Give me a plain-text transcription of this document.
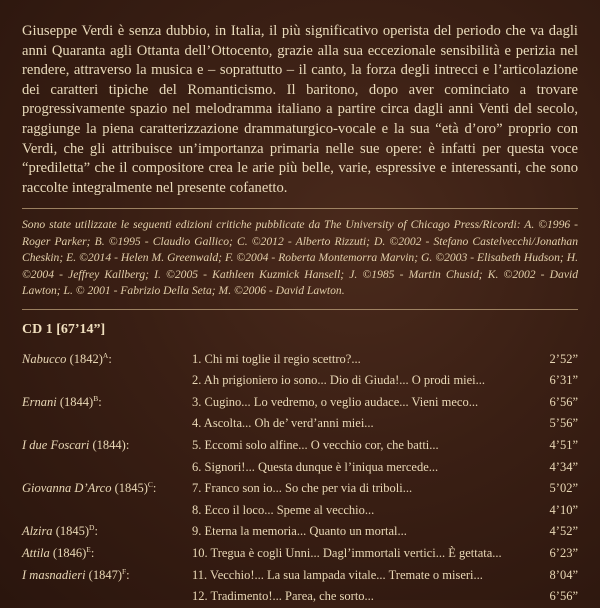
Giuseppe Verdi è senza dubbio, in Italia, il più significativo operista del periodo che va dagli anni Quaranta agli Ottanta dell’Ottocento, grazie alla sua eccezionale sensibilità e perizia nel rendere, attraverso la musica e – soprattutto – il canto, la forza degli intrecci e l’articolazione dei caratteri tipiche del Romanticismo. Il baritono, dopo aver cominciato a trovare progressivamente spazio nel melodramma italiano a partire circa dagli anni Venti del secolo, raggiunge la piena caratterizzazione drammaturgico-vocale e la sua “età d’oro” proprio con Verdi, che gli attribuisce un’importanza primaria nelle sue opere: è infatti per questa voce “prediletta” che il compositore crea le arie più belle, varie, espressive e interessanti, che sono raccolte integralmente nel presente cofanetto.

Sono state utilizzate le seguenti edizioni critiche pubblicate da The University of Chicago Press/Ricordi: A. ©1996 - Roger Parker; B. ©1995 - Claudio Gallico; C. ©2012 - Alberto Rizzuti; D. ©2002 - Stefano Castelvecchi/Jonathan Cheskin; E. ©2014 - Helen M. Greenwald; F. ©2004 - Roberta Montemorra Marvin; G. ©2003 - Elisabeth Hudson; H. ©2004 - Jeffrey Kallberg; I. ©2005 - Kathleen Kuzmick Hansell; J. ©1985 - Martin Chusid; K. ©2002 - David Lawton; L. © 2001 - Fabrizio Della Seta; M. ©2006 - David Lawton.

CD 1 [67’14”]
Nabucco $(1842)^A$:	1. Chi mi toglie il regio scettro?...	2’52”
	2. Ah prigioniero io sono... Dio di Giuda!... O prodi miei...	6’31”
Ernani $(1844)^B$:	3. Cugino... Lo vedremo, o veglio audace... Vieni meco...	6’56”
	4. Ascolta... Oh de’ verd’anni miei...	5’56”
I due Foscari (1844):	5. Eccomi solo alfine... O vecchio cor, che batti...	4’51”
	6. Signori!... Questa dunque è l’iniqua mercede...	4’34”
Giovanna D’Arco $(1845)^C$:	7. Franco son io... So che per via di triboli...	5’02”
	8. Ecco il loco... Speme al vecchio...	4’10”
Alzira $(1845)^D$:	9. Eterna la memoria... Quanto un mortal...	4’52”
Attila $(1846)^E$:	10. Tregua è cogli Unni... Dagl’immortali vertici... È gettata...	6’23”
I masnadieri $(1847)^F$:	11. Vecchio!... La sua lampada vitale... Tremate o miseri...	8’04”
	12. Tradimento!... Parea, che sorto...	6’56”
